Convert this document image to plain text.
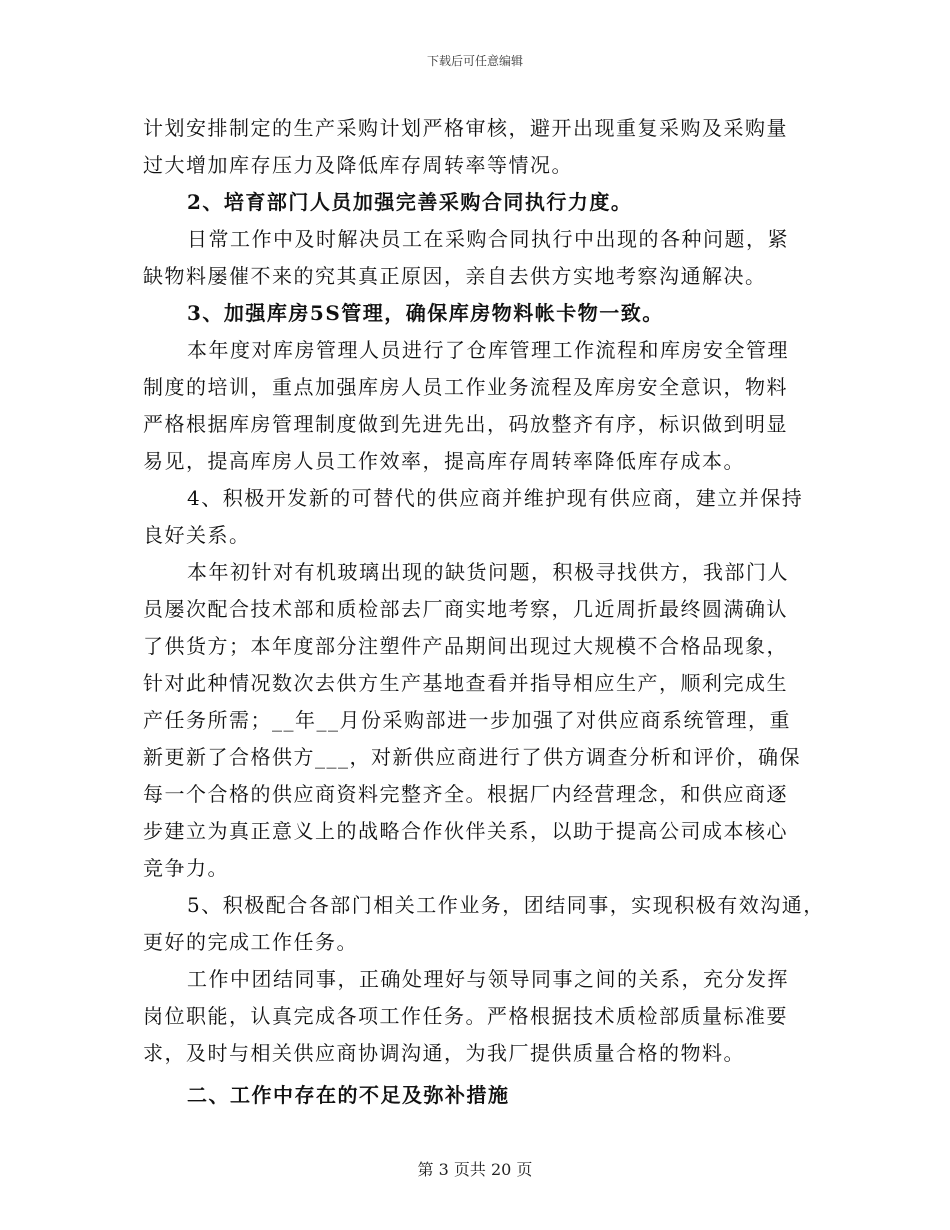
下载后可任意编辑
计划安排制定的生产采购计划严格审核，避开出现重复采购及采购量
过大增加库存压力及降低库存周转率等情况。
2、培育部门人员加强完善采购合同执行力度。
日常工作中及时解决员工在采购合同执行中出现的各种问题，紧
缺物料屡催不来的究其真正原因，亲自去供方实地考察沟通解决。
3、加强库房5S管理，确保库房物料帐卡物一致。
本年度对库房管理人员进行了仓库管理工作流程和库房安全管理
制度的培训，重点加强库房人员工作业务流程及库房安全意识，物料
严格根据库房管理制度做到先进先出，码放整齐有序，标识做到明显
易见，提高库房人员工作效率，提高库存周转率降低库存成本。
4、积极开发新的可替代的供应商并维护现有供应商，建立并保持
良好关系。
本年初针对有机玻璃出现的缺货问题，积极寻找供方，我部门人
员屡次配合技术部和质检部去厂商实地考察，几近周折最终圆满确认
了供货方；本年度部分注塑件产品期间出现过大规模不合格品现象，
针对此种情况数次去供方生产基地查看并指导相应生产，顺利完成生
产任务所需；__年__月份采购部进一步加强了对供应商系统管理，重
新更新了合格供方___，对新供应商进行了供方调查分析和评价，确保
每一个合格的供应商资料完整齐全。根据厂内经营理念，和供应商逐
步建立为真正意义上的战略合作伙伴关系，以助于提高公司成本核心
竞争力。
5、积极配合各部门相关工作业务，团结同事，实现积极有效沟通，
更好的完成工作任务。
工作中团结同事，正确处理好与领导同事之间的关系，充分发挥
岗位职能，认真完成各项工作任务。严格根据技术质检部质量标准要
求，及时与相关供应商协调沟通，为我厂提供质量合格的物料。
二、工作中存在的不足及弥补措施
第 3 页共 20 页
